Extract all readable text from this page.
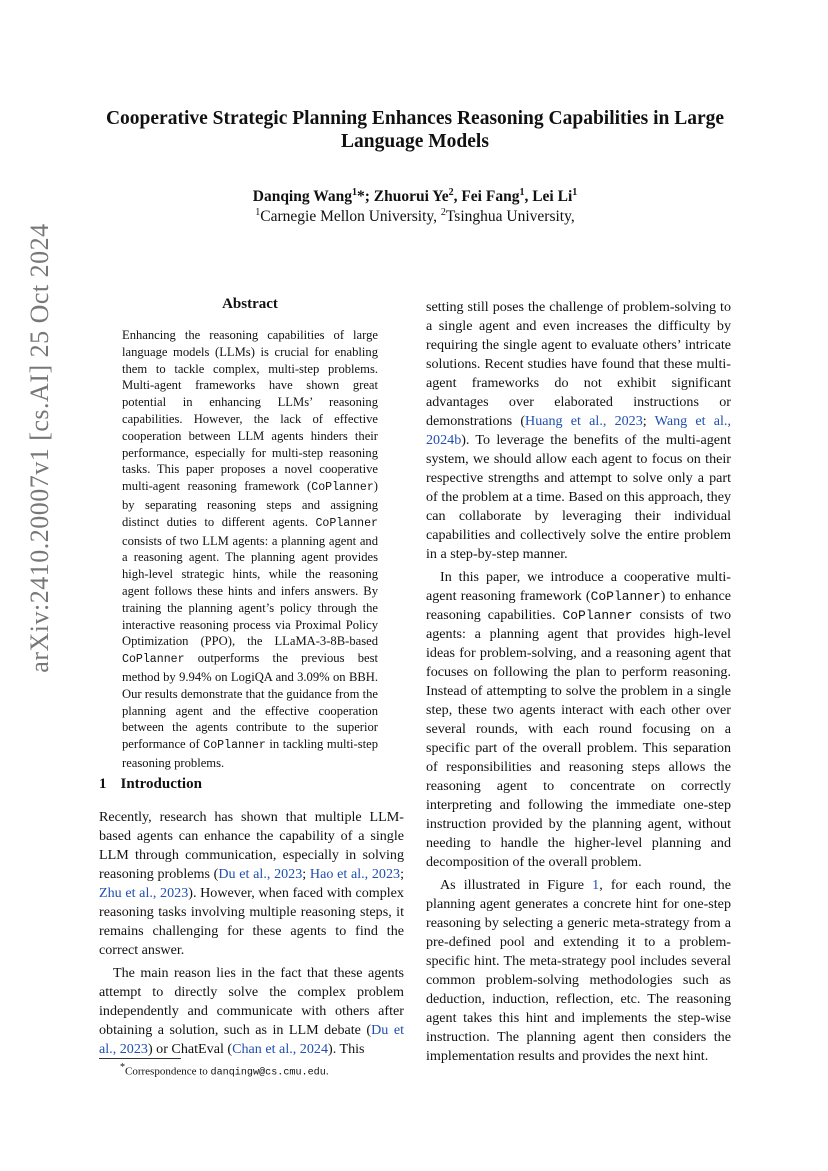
arXiv:2410.20007v1 [cs.AI] 25 Oct 2024
Cooperative Strategic Planning Enhances Reasoning Capabilities in Large Language Models
Danqing Wang$^1$*; Zhuorui Ye$^2$, Fei Fang$^1$, Lei Li$^1$
$^1$Carnegie Mellon University, $^2$Tsinghua University,
Abstract
Enhancing the reasoning capabilities of large language models (LLMs) is crucial for enabling them to tackle complex, multi-step problems. Multi-agent frameworks have shown great potential in enhancing LLMs’ reasoning capabilities. However, the lack of effective cooperation between LLM agents hinders their performance, especially for multi-step reasoning tasks. This paper proposes a novel cooperative multi-agent reasoning framework (CoPlanner) by separating reasoning steps and assigning distinct duties to different agents. CoPlanner consists of two LLM agents: a planning agent and a reasoning agent. The planning agent provides high-level strategic hints, while the reasoning agent follows these hints and infers answers. By training the planning agent’s policy through the interactive reasoning process via Proximal Policy Optimization (PPO), the LLaMA-3-8B-based CoPlanner outperforms the previous best method by 9.94% on LogiQA and 3.09% on BBH. Our results demonstrate that the guidance from the planning agent and the effective cooperation between the agents contribute to the superior performance of CoPlanner in tackling multi-step reasoning problems.
1 Introduction

Recently, research has shown that multiple LLM-based agents can enhance the capability of a single LLM through communication, especially in solving reasoning problems (Du et al., 2023; Hao et al., 2023; Zhu et al., 2023). However, when faced with complex reasoning tasks involving multiple reasoning steps, it remains challenging for these agents to find the correct answer.

The main reason lies in the fact that these agents attempt to directly solve the complex problem independently and communicate with others after obtaining a solution, such as in LLM debate (Du et al., 2023) or ChatEval (Chan et al., 2024). This

setting still poses the challenge of problem-solving to a single agent and even increases the difficulty by requiring the single agent to evaluate others’ intricate solutions. Recent studies have found that these multi-agent frameworks do not exhibit significant advantages over elaborated instructions or demonstrations (Huang et al., 2023; Wang et al., 2024b). To leverage the benefits of the multi-agent system, we should allow each agent to focus on their respective strengths and attempt to solve only a part of the problem at a time. Based on this approach, they can collaborate by leveraging their individual capabilities and collectively solve the entire problem in a step-by-step manner.

In this paper, we introduce a cooperative multi-agent reasoning framework (CoPlanner) to enhance reasoning capabilities. CoPlanner consists of two agents: a planning agent that provides high-level ideas for problem-solving, and a reasoning agent that focuses on following the plan to perform reasoning. Instead of attempting to solve the problem in a single step, these two agents interact with each other over several rounds, with each round focusing on a specific part of the overall problem. This separation of responsibilities and reasoning steps allows the reasoning agent to concentrate on correctly interpreting and following the immediate one-step instruction provided by the planning agent, without needing to handle the higher-level planning and decomposition of the overall problem.

As illustrated in Figure 1, for each round, the planning agent generates a concrete hint for one-step reasoning by selecting a generic meta-strategy from a pre-defined pool and extending it to a problem-specific hint. The meta-strategy pool includes several common problem-solving methodologies such as deduction, induction, reflection, etc. The reasoning agent takes this hint and implements the step-wise instruction. The planning agent then considers the implementation results and provides the next hint.

*Correspondence to danqingw@cs.cmu.edu.
